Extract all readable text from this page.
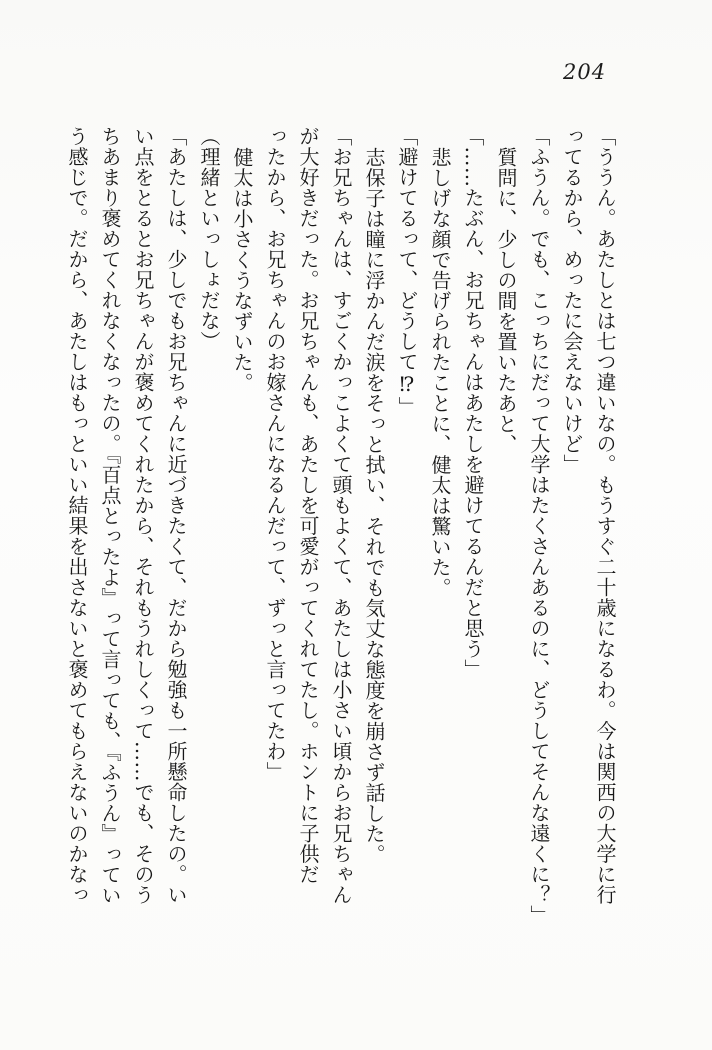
204

「ううん。あたしとは七つ違いなの。もうすぐ二十歳になるわ。今は関西の大学に行

ってるから、めったに会えないけど」

「ふうん。でも、こっちにだって大学はたくさんあるのに、どうしてそんな遠くに？」

質問に、少しの間を置いたあと、

「……たぶん、お兄ちゃんはあたしを避けてるんだと思う」

悲しげな顔で告げられたことに、健太は驚いた。

「避けてるって、どうして⁉」

志保子は瞳に浮かんだ涙をそっと拭い、それでも気丈な態度を崩さず話した。

「お兄ちゃんは、すごくかっこよくて頭もよくて、あたしは小さい頃からお兄ちゃん

が大好きだった。お兄ちゃんも、あたしを可愛がってくれてたし。ホントに子供だ

ったから、お兄ちゃんのお嫁さんになるんだって、ずっと言ってたわ」

健太は小さくうなずいた。

（理緒といっしょだな）

「あたしは、少しでもお兄ちゃんに近づきたくて、だから勉強も一所懸命したの。い

い点をとるとお兄ちゃんが褒めてくれたから、それもうれしくって……でも、そのう

ちあまり褒めてくれなくなったの。『百点とったよ』って言っても、『ふうん』ってい

う感じで。だから、あたしはもっといい結果を出さないと褒めてもらえないのかなっ
